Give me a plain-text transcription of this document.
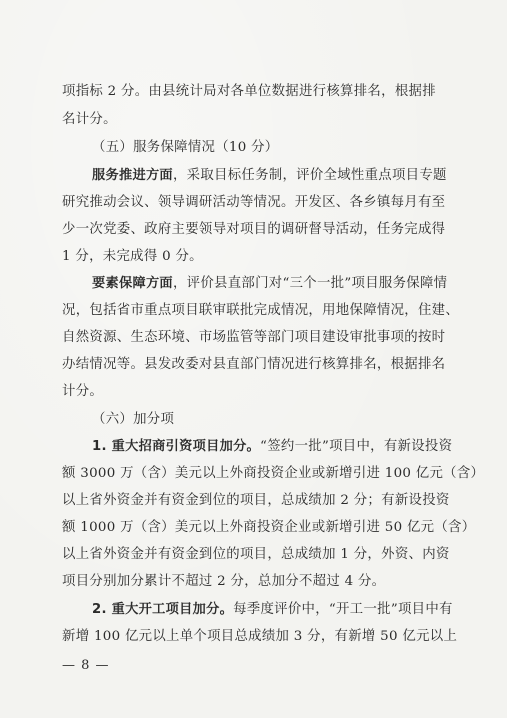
项指标 2 分。由县统计局对各单位数据进行核算排名，根据排
名计分。
（五）服务保障情况（10 分）
服务推进方面，采取目标任务制，评价全域性重点项目专题
研究推动会议、领导调研活动等情况。开发区、各乡镇每月有至
少一次党委、政府主要领导对项目的调研督导活动，任务完成得
1 分，未完成得 0 分。
要素保障方面，评价县直部门对“三个一批”项目服务保障情
况，包括省市重点项目联审联批完成情况，用地保障情况，住建、
自然资源、生态环境、市场监管等部门项目建设审批事项的按时
办结情况等。县发改委对县直部门情况进行核算排名，根据排名
计分。
（六）加分项
1. 重大招商引资项目加分。“签约一批”项目中，有新设投资
额 3000 万（含）美元以上外商投资企业或新增引进 100 亿元（含）
以上省外资金并有资金到位的项目，总成绩加 2 分；有新设投资
额 1000 万（含）美元以上外商投资企业或新增引进 50 亿元（含）
以上省外资金并有资金到位的项目，总成绩加 1 分，外资、内资
项目分别加分累计不超过 2 分，总加分不超过 4 分。
2. 重大开工项目加分。每季度评价中，“开工一批”项目中有
新增 100 亿元以上单个项目总成绩加 3 分，有新增 50 亿元以上
— 8 —
